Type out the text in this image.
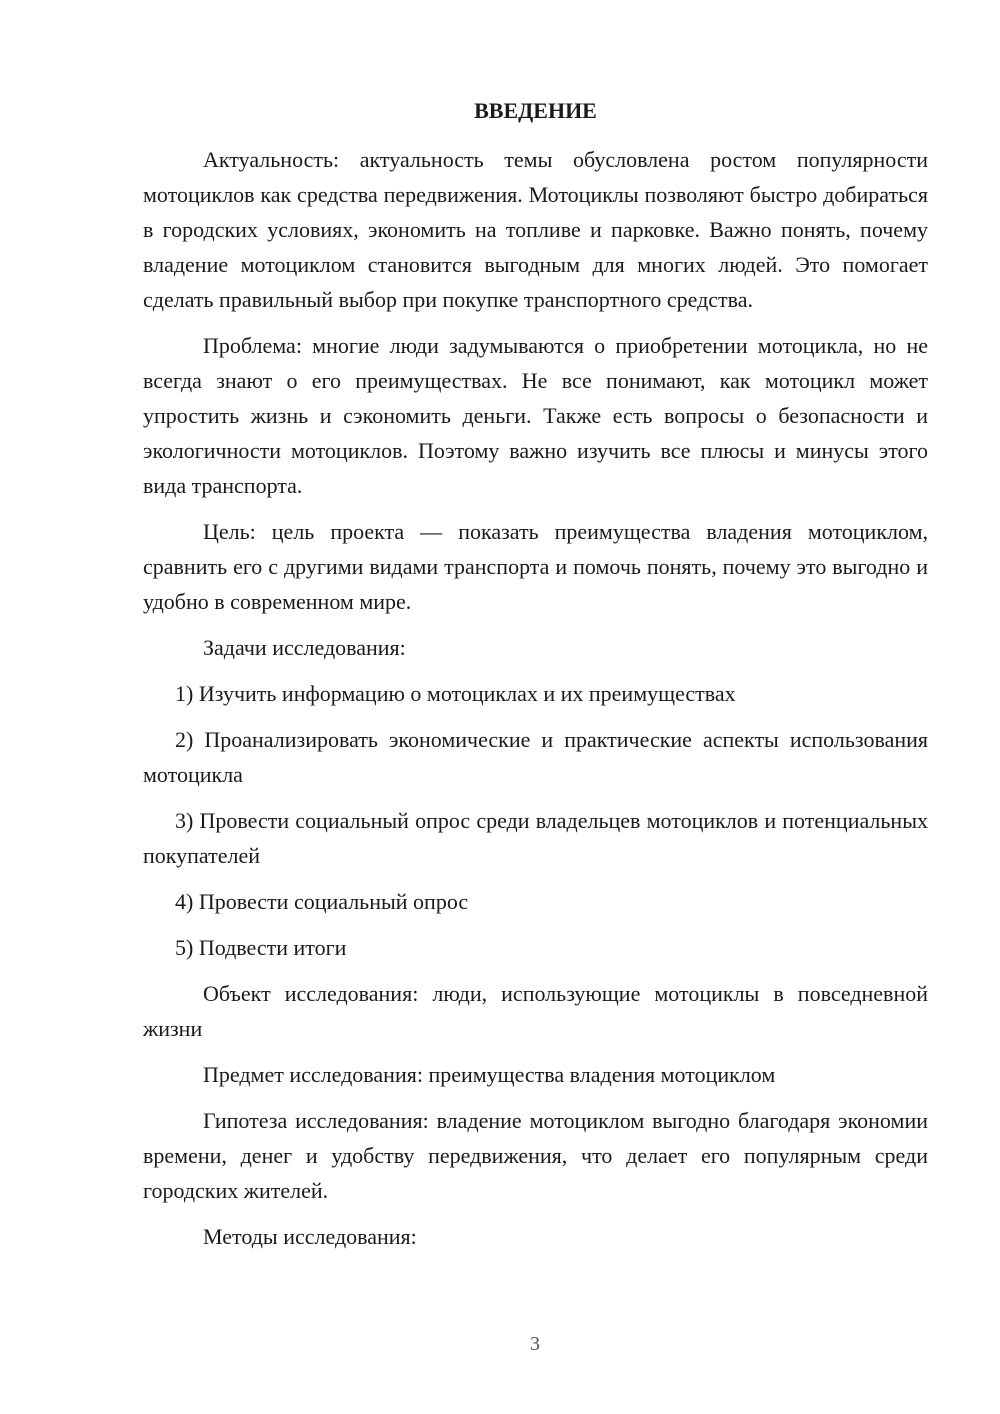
ВВЕДЕНИЕ

Актуальность: актуальность темы обусловлена ростом популярности мотоциклов как средства передвижения. Мотоциклы позволяют быстро добираться в городских условиях, экономить на топливе и парковке. Важно понять, почему владение мотоциклом становится выгодным для многих людей. Это помогает сделать правильный выбор при покупке транспортного средства.

Проблема: многие люди задумываются о приобретении мотоцикла, но не всегда знают о его преимуществах. Не все понимают, как мотоцикл может упростить жизнь и сэкономить деньги. Также есть вопросы о безопасности и экологичности мотоциклов. Поэтому важно изучить все плюсы и минусы этого вида транспорта.

Цель: цель проекта — показать преимущества владения мотоциклом, сравнить его с другими видами транспорта и помочь понять, почему это выгодно и удобно в современном мире.

Задачи исследования:

1) Изучить информацию о мотоциклах и их преимуществах

2) Проанализировать экономические и практические аспекты использования мотоцикла

3) Провести социальный опрос среди владельцев мотоциклов и потенциальных покупателей

4) Провести социальный опрос

5) Подвести итоги

Объект исследования: люди, использующие мотоциклы в повседневной жизни

Предмет исследования: преимущества владения мотоциклом

Гипотеза исследования: владение мотоциклом выгодно благодаря экономии времени, денег и удобству передвижения, что делает его популярным среди городских жителей.

Методы исследования:

3
